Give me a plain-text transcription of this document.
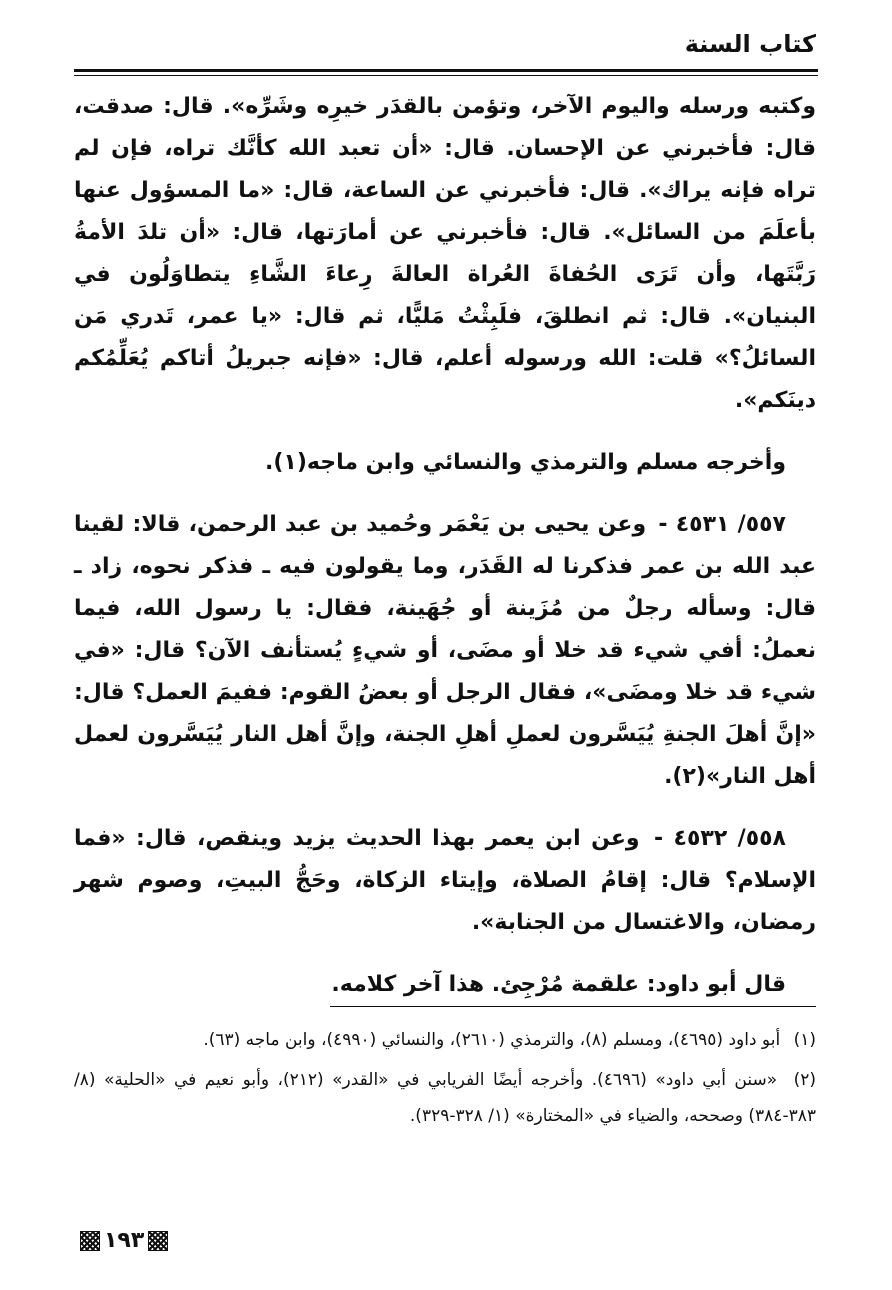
كتاب السنة

وكتبه ورسله واليوم الآخر، وتؤمن بالقدَر خيرِه وشَرِّه». قال: صدقت، قال: فأخبرني عن الإحسان. قال: «أن تعبد الله كأنَّك تراه، فإن لم تراه فإنه يراك». قال: فأخبرني عن الساعة، قال: «ما المسؤول عنها بأعلَمَ من السائل». قال: فأخبرني عن أمارَتها، قال: «أن تلدَ الأمةُ رَبَّتَها، وأن تَرَى الحُفاةَ العُراة العالةَ رِعاءَ الشَّاءِ يتطاوَلُون في البنيان». قال: ثم انطلقَ، فلَبِثْتُ مَليًّا، ثم قال: «يا عمر، تَدري مَن السائلُ؟» قلت: الله ورسوله أعلم، قال: «فإنه جبريلُ أتاكم يُعَلِّمُكم دينَكم».

وأخرجه مسلم والترمذي والنسائي وابن ماجه(١).

٥٥٧/ ٤٥٣١ - وعن يحيى بن يَعْمَر وحُميد بن عبد الرحمن، قالا: لقينا عبد الله بن عمر فذكرنا له القَدَر، وما يقولون فيه ـ فذكر نحوه، زاد ـ قال: وسأله رجلٌ من مُزَينة أو جُهَينة، فقال: يا رسول الله، فيما نعملُ: أفي شيء قد خلا أو مضَى، أو شيءٍ يُستأنف الآن؟ قال: «في شيء قد خلا ومضَى»، فقال الرجل أو بعضُ القوم: ففيمَ العمل؟ قال: «إنَّ أهلَ الجنةِ يُيَسَّرون لعملِ أهلِ الجنة، وإنَّ أهل النار يُيَسَّرون لعمل أهل النار»(٢).

٥٥٨/ ٤٥٣٢ - وعن ابن يعمر بهذا الحديث يزيد وينقص، قال: «فما الإسلام؟ قال: إقامُ الصلاة، وإيتاء الزكاة، وحَجُّ البيتِ، وصوم شهر رمضان، والاغتسال من الجنابة».

قال أبو داود: علقمة مُرْجِئ. هذا آخر كلامه.

(١) أبو داود (٤٦٩٥)، ومسلم (٨)، والترمذي (٢٦١٠)، والنسائي (٤٩٩٠)، وابن ماجه (٦٣).

(٢) «سنن أبي داود» (٤٦٩٦). وأخرجه أيضًا الفريابي في «القدر» (٢١٢)، وأبو نعيم في «الحلية» (٨/ ٣٨٣-٣٨٤) وصححه، والضياء في «المختارة» (١/ ٣٢٨-٣٢٩).

١٩٣
